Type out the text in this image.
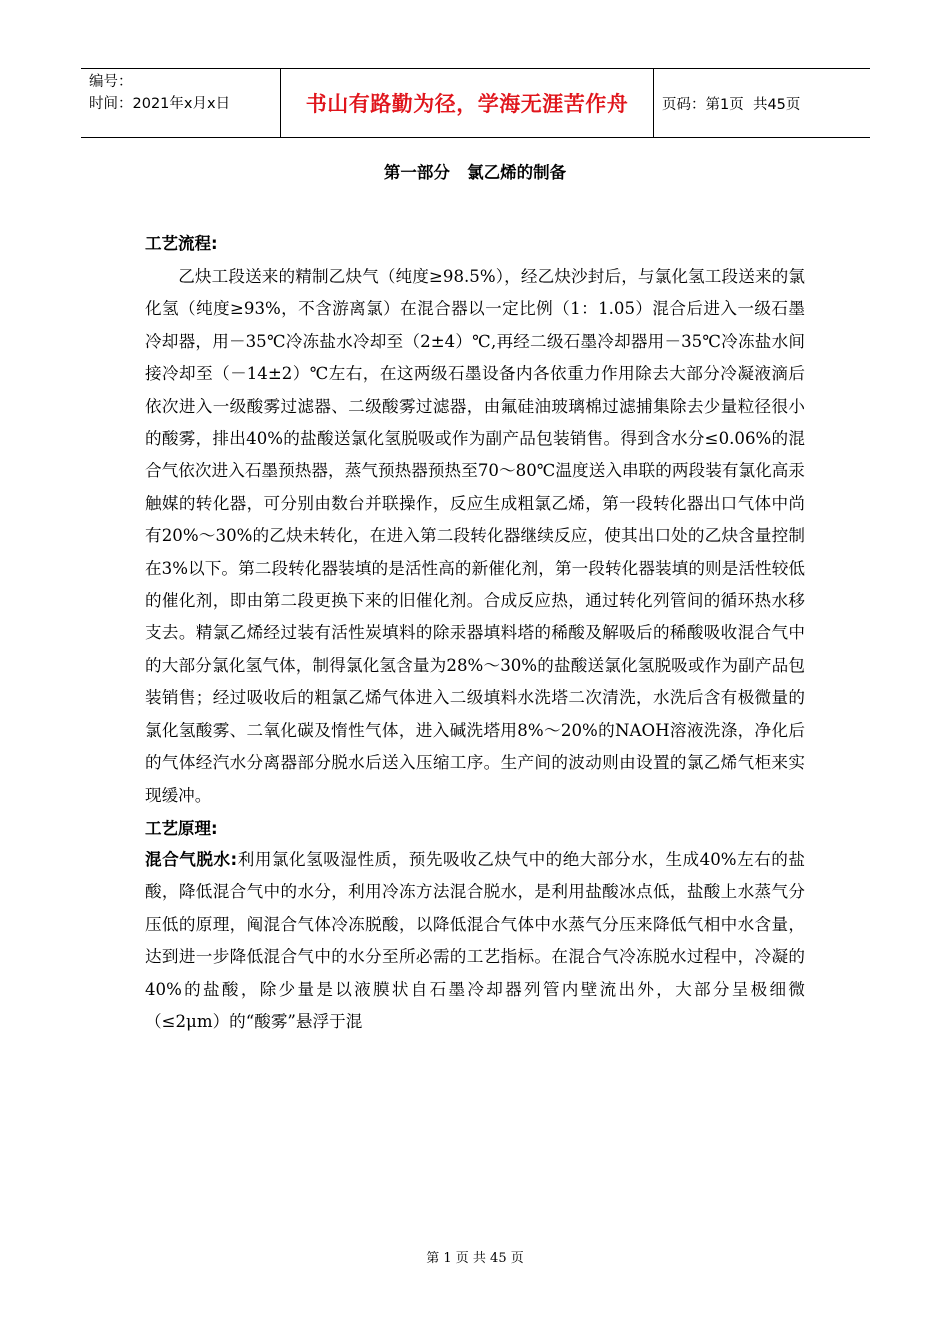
编号：
时间：2021年x月x日	书山有路勤为径，学海无涯苦作舟	页码：第1页  共45页
第一部分   氯乙烯的制备
工艺流程:

乙炔工段送来的精制乙炔气（纯度≥98.5%），经乙炔沙封后，与氯化氢工段送来的氯化氢（纯度≥93%，不含游离氯）在混合器以一定比例（1：1.05）混合后进入一级石墨冷却器，用－35℃冷冻盐水冷却至（2±4）℃,再经二级石墨冷却器用－35℃冷冻盐水间接冷却至（－14±2）℃左右，在这两级石墨设备内各依重力作用除去大部分冷凝液滴后依次进入一级酸雾过滤器、二级酸雾过滤器，由氟硅油玻璃棉过滤捕集除去少量粒径很小的酸雾，排出40%的盐酸送氯化氢脱吸或作为副产品包装销售。得到含水分≤0.06%的混合气依次进入石墨预热器，蒸气预热器预热至70～80℃温度送入串联的两段装有氯化高汞触媒的转化器，可分别由数台并联操作，反应生成粗氯乙烯，第一段转化器出口气体中尚有20%～30%的乙炔未转化，在进入第二段转化器继续反应，使其出口处的乙炔含量控制在3%以下。第二段转化器装填的是活性高的新催化剂，第一段转化器装填的则是活性较低的催化剂，即由第二段更换下来的旧催化剂。合成反应热，通过转化列管间的循环热水移支去。精氯乙烯经过装有活性炭填料的除汞器填料塔的稀酸及解吸后的稀酸吸收混合气中的大部分氯化氢气体，制得氯化氢含量为28%～30%的盐酸送氯化氢脱吸或作为副产品包装销售；经过吸收后的粗氯乙烯气体进入二级填料水洗塔二次清洗，水洗后含有极微量的氯化氢酸雾、二氧化碳及惰性气体，进入碱洗塔用8%～20%的NAOH溶液洗涤，净化后的气体经汽水分离器部分脱水后送入压缩工序。生产间的波动则由设置的氯乙烯气柜来实现缓冲。

工艺原理:

混合气脱水:利用氯化氢吸湿性质，预先吸收乙炔气中的绝大部分水，生成40%左右的盐酸，降低混合气中的水分，利用冷冻方法混合脱水，是利用盐酸冰点低，盐酸上水蒸气分压低的原理，阄混合气体冷冻脱酸，以降低混合气体中水蒸气分压来降低气相中水含量，达到进一步降低混合气中的水分至所必需的工艺指标。在混合气冷冻脱水过程中，冷凝的40%的盐酸，除少量是以液膜状自石墨冷却器列管内壁流出外，大部分呈极细微（≤2μm）的“酸雾”悬浮于混

第 1 页 共 45 页
